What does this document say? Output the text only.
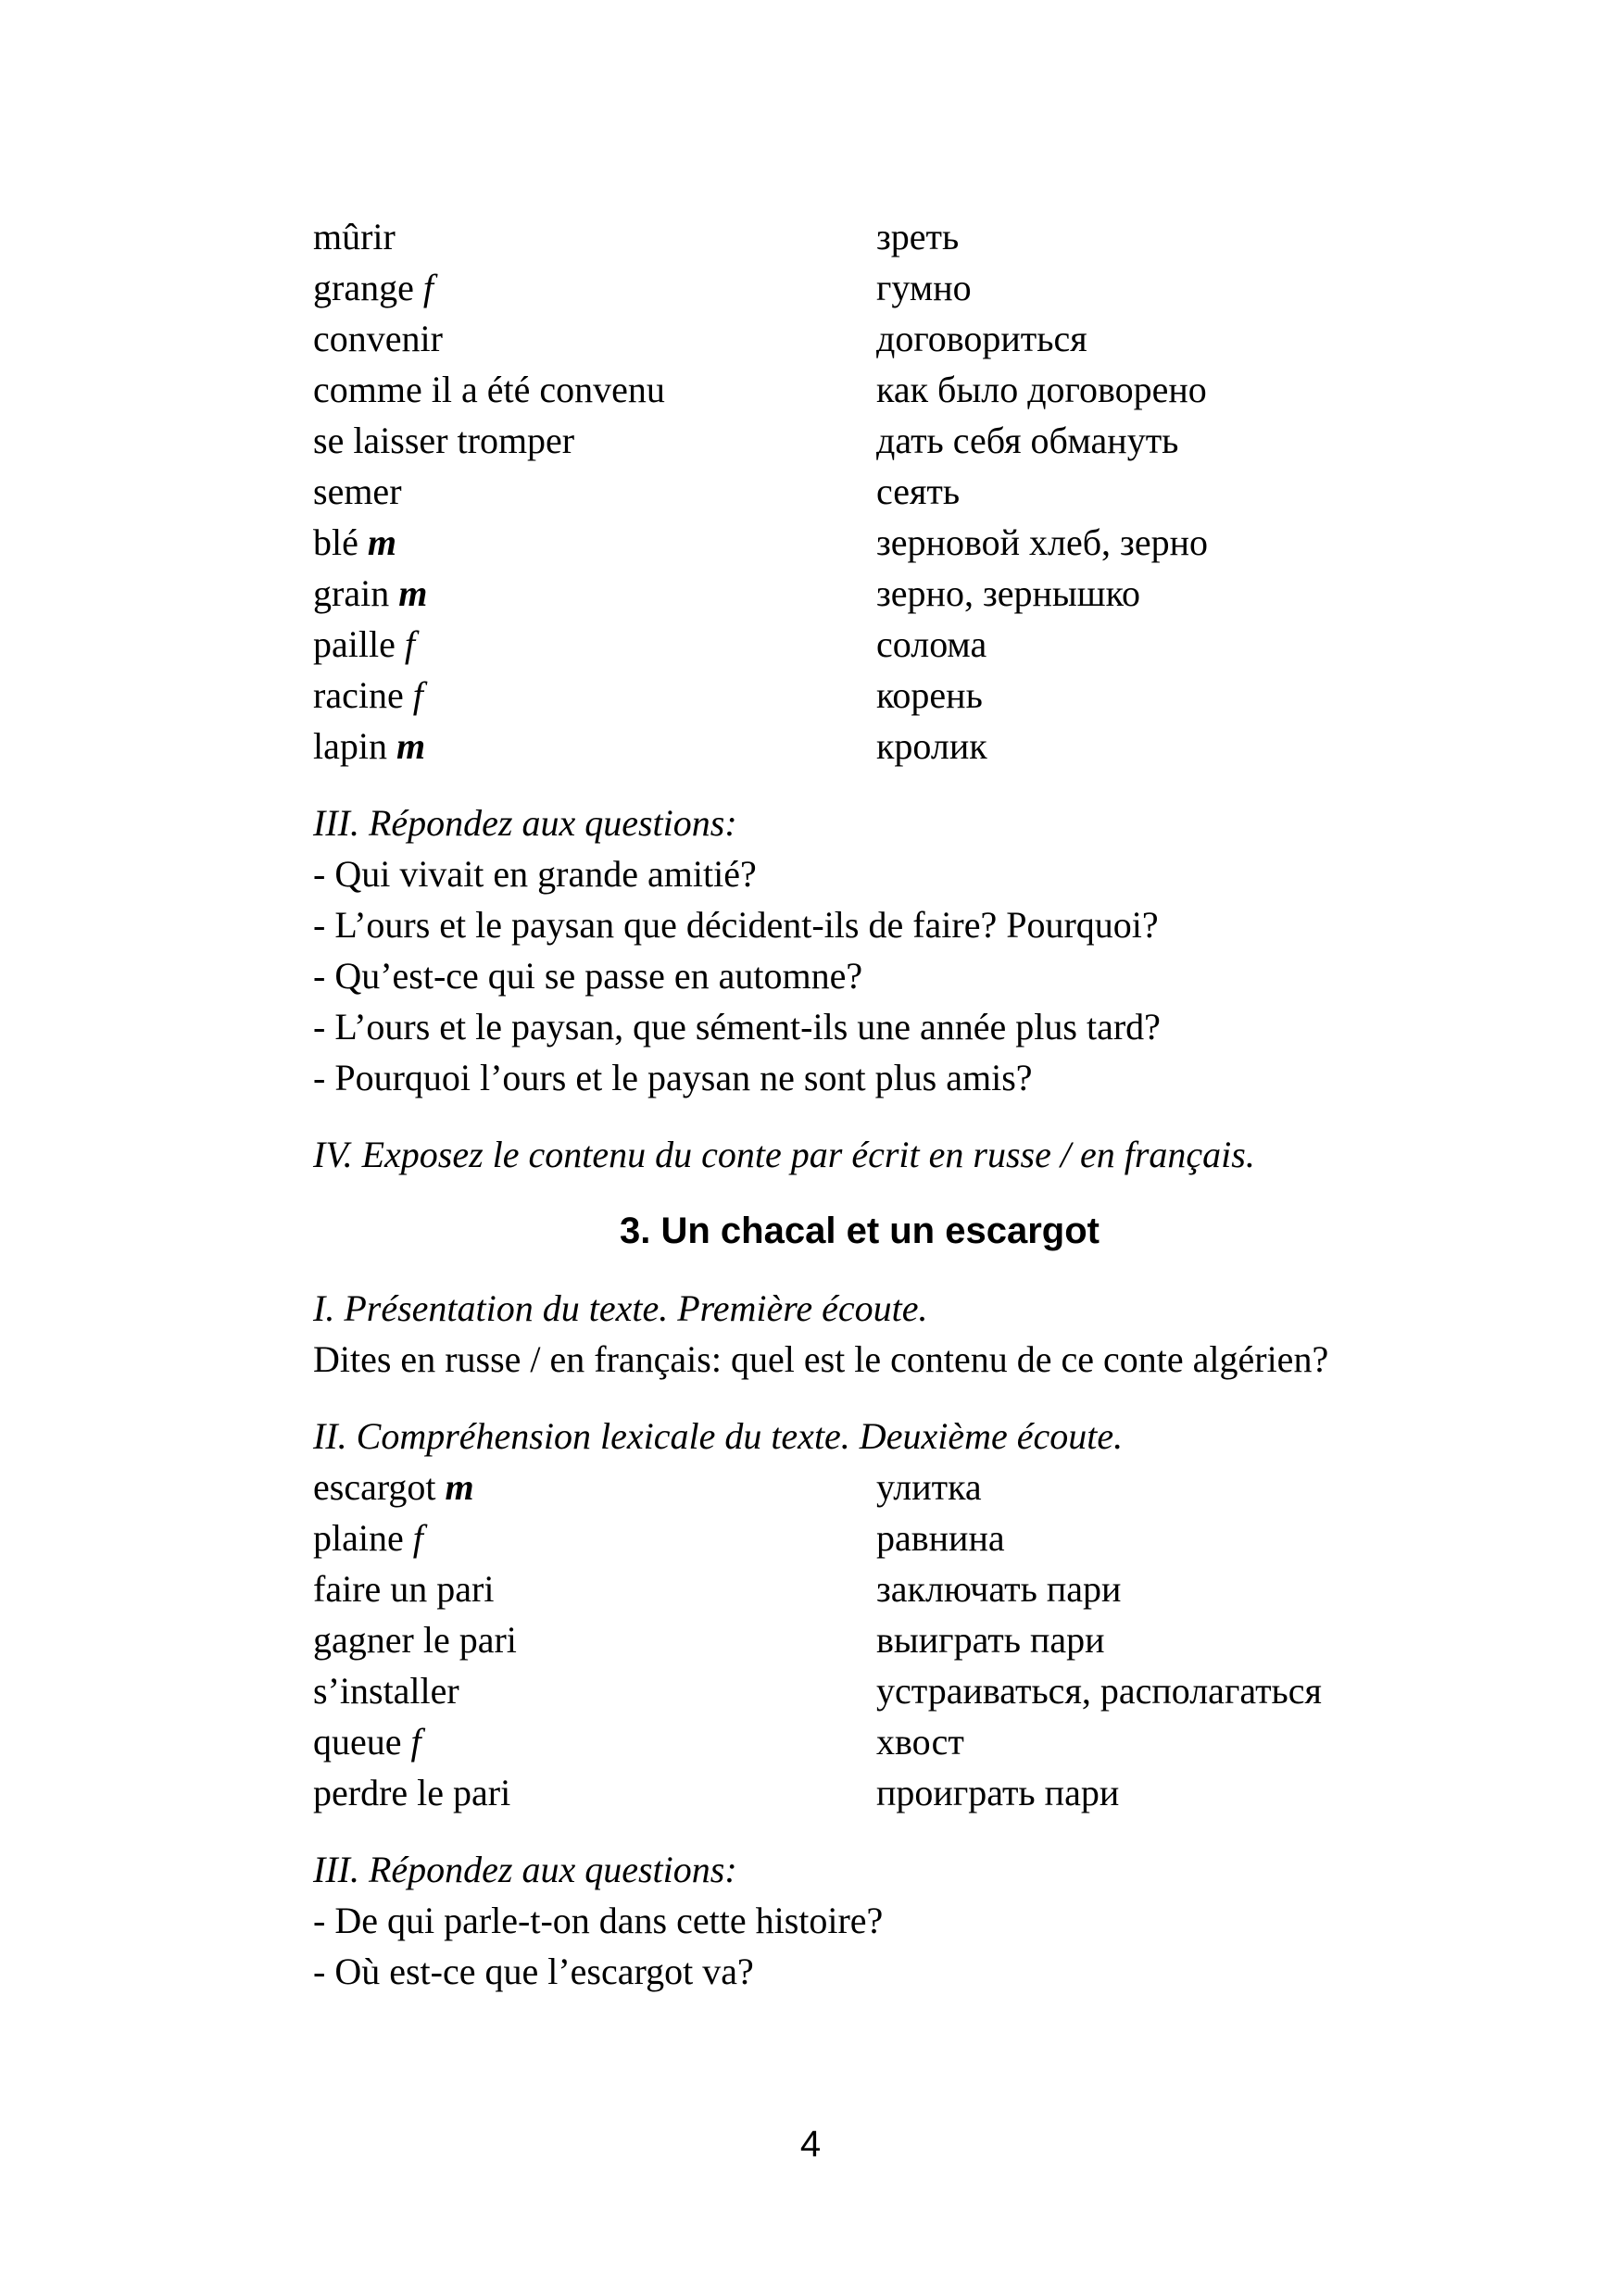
mûrir	зреть
grange f	гумно
convenir	договориться
comme il a été convenu	как было договорено
se laisser tromper	дать себя обмануть
semer	сеять
blé m	зерновой хлеб, зерно
grain m	зерно, зернышко
paille f	солома
racine f	корень
lapin m	кролик
III. Répondez aux questions:
- Qui vivait en grande amitié?
- L’ours et le paysan que décident-ils de faire? Pourquoi?
- Qu’est-ce qui se passe en automne?
- L’ours et le paysan, que sément-ils une année plus tard?
- Pourquoi l’ours et le paysan ne sont plus amis?
IV. Exposez le contenu du conte par écrit en russe / en français.
3. Un chacal et un escargot
I. Présentation du texte. Première écoute.
Dites en russe / en français: quel est le contenu de ce conte algérien?
II. Compréhension lexicale du texte. Deuxième écoute.
escargot m	улитка
plaine f	равнина
faire un pari	заключать пари
gagner le pari	выиграть пари
s’installer	устраиваться, располагаться
queue f	хвост
perdre le pari	проиграть пари
III. Répondez aux questions:
- De qui parle-t-on dans cette histoire?
- Où est-ce que l’escargot va?
4
